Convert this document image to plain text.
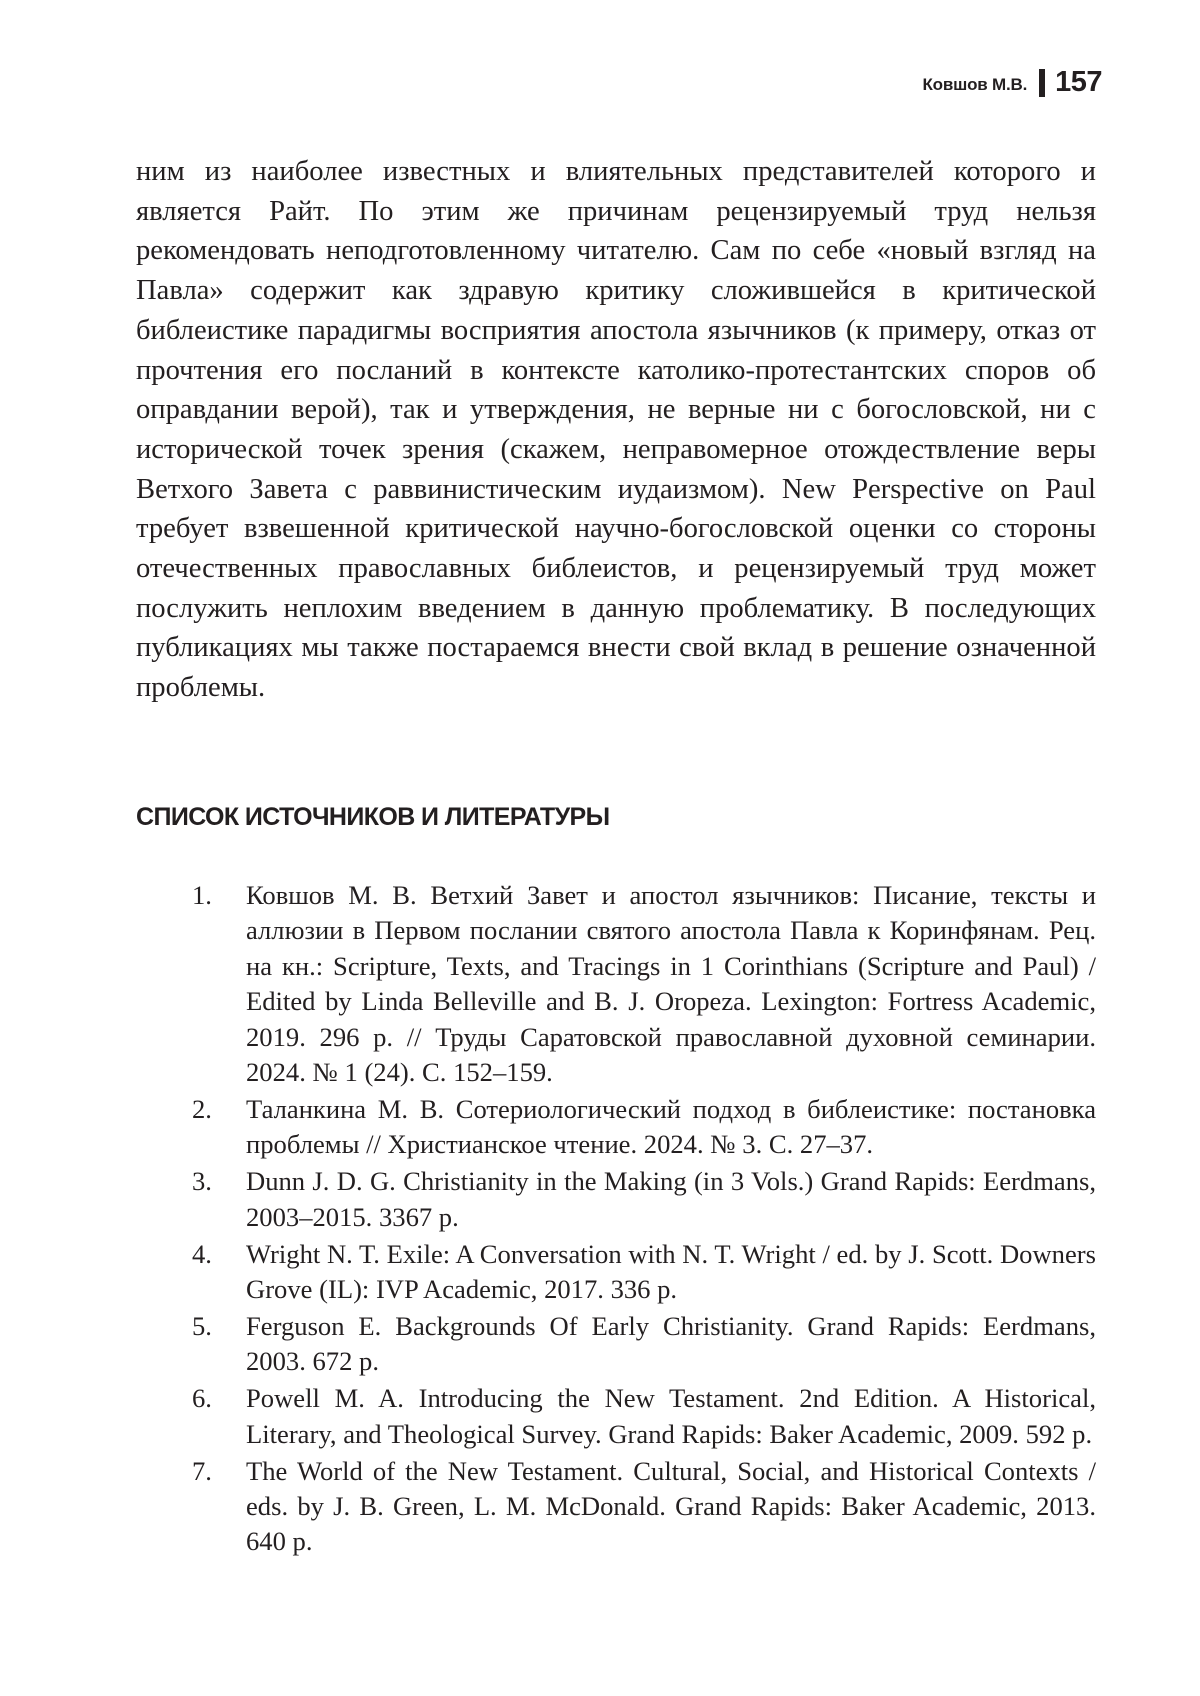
Ковшов М.В. 157

ним из наиболее известных и влиятельных представителей которого и является Райт. По этим же причинам рецензируемый труд нельзя рекомендовать неподготовленному читателю. Сам по себе «новый взгляд на Павла» содержит как здравую критику сложившейся в критической библеистике парадигмы восприятия апостола язычников (к примеру, отказ от прочтения его посланий в контексте католико-протестантских споров об оправдании верой), так и утверждения, не верные ни с богословской, ни с исторической точек зрения (скажем, неправомерное отождествление веры Ветхого Завета с раввинистическим иудаизмом). New Perspective on Paul требует взвешенной критической научно-богословской оценки со стороны отечественных православных библеистов, и рецензируемый труд может послужить неплохим введением в данную проблематику. В последующих публикациях мы также постараемся внести свой вклад в решение означенной проблемы.

СПИСОК ИСТОЧНИКОВ И ЛИТЕРАТУРЫ
1.	Ковшов М. В. Ветхий Завет и апостол язычников: Писание, тексты и аллюзии в Первом послании святого апостола Павла к Коринфянам. Рец. на кн.: Scripture, Texts, and Tracings in 1 Corinthians (Scripture and Paul) / Edited by Linda Belleville and B. J. Oropeza. Lexington: Fortress Academic, 2019. 296 p. // Труды Саратовской православной духовной семинарии. 2024. № 1 (24). С. 152–159.
2.	Таланкина М. В. Сотериологический подход в библеистике: постановка проблемы // Христианское чтение. 2024. № 3. С. 27–37.
3.	Dunn J. D. G. Christianity in the Making (in 3 Vols.) Grand Rapids: Eerdmans, 2003–2015. 3367 p.
4.	Wright N. T. Exile: A Conversation with N. T. Wright / ed. by J. Scott. Downers Grove (IL): IVP Academic, 2017. 336 p.
5.	Ferguson E. Backgrounds Of Early Christianity. Grand Rapids: Eerdmans, 2003. 672 p.
6.	Powell M. A. Introducing the New Testament. 2nd Edition. A Historical, Literary, and Theological Survey. Grand Rapids: Baker Academic, 2009. 592 p.
7.	The World of the New Testament. Cultural, Social, and Historical Contexts / eds. by J. B. Green, L. M. McDonald. Grand Rapids: Baker Academic, 2013. 640 p.
